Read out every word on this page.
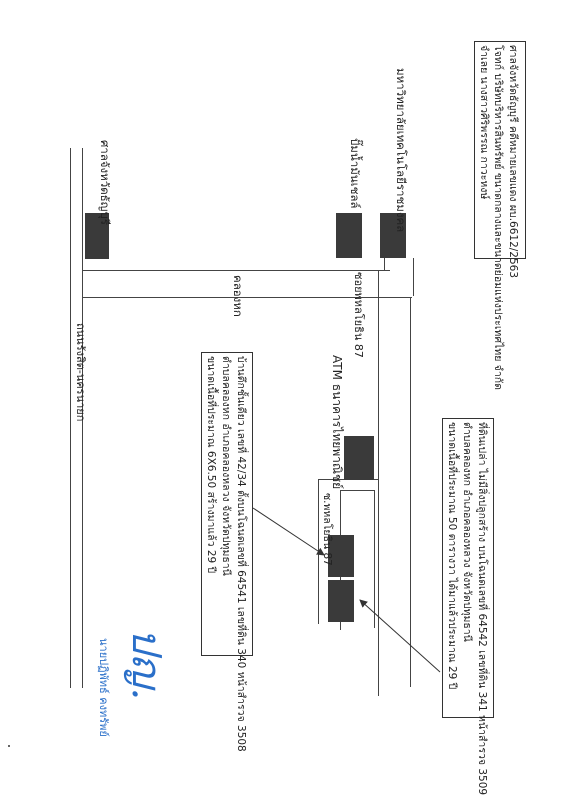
ศาลจังหวัดธัญบุรี คดีหมายเลขแดง ผบ.6612/2563
โจทก์ บริษัทบริหารสินทรัพย์ ขนาดกลางและขนาดย่อมแห่งประเทศไทย จำกัด
จำเลย นางสาวศิริพรรณ กาวะหงษ์
มหาวิทยาลัยเทคโนโลยีราชมงคล
ปั๊มน้ำมันเชลล์
ศาลจังหวัดธัญบุรี
คลองหก	ซอยพหลโยธิน 87
ถนนรังสิต-นครนายก	ATM ธนาคารไทยพาณิชย์
ซ.พหลโยธิน 87
บ้านตึกชั้นเดียว เลขที่ 42/34 ตั้งบนโฉนดเลขที่ 64541 เลขที่ดิน 340 หน้าสำรวจ 3508
ตำบลคลองหก อำเภอคลองหลวง จังหวัดปทุมธานี
ขนาดเนื้อที่ประมาณ 6X6.50 สร้างมาแล้ว 29 ปี	ที่ดินเปล่า ไม่มีสิ่งปลูกสร้าง บนโฉนดเลขที่ 64542 เลขที่ดิน 341 หน้าสำรวจ 3509
ตำบลคลองหก อำเภอคลองหลวง จังหวัดปทุมธานี
ขนาดเนื้อที่ประมาณ 50 ตารางวา ได้มาแล้วประมาณ 29 ปี
ปญ.
นายปฏิพัทธ์ คงทรัพย์
